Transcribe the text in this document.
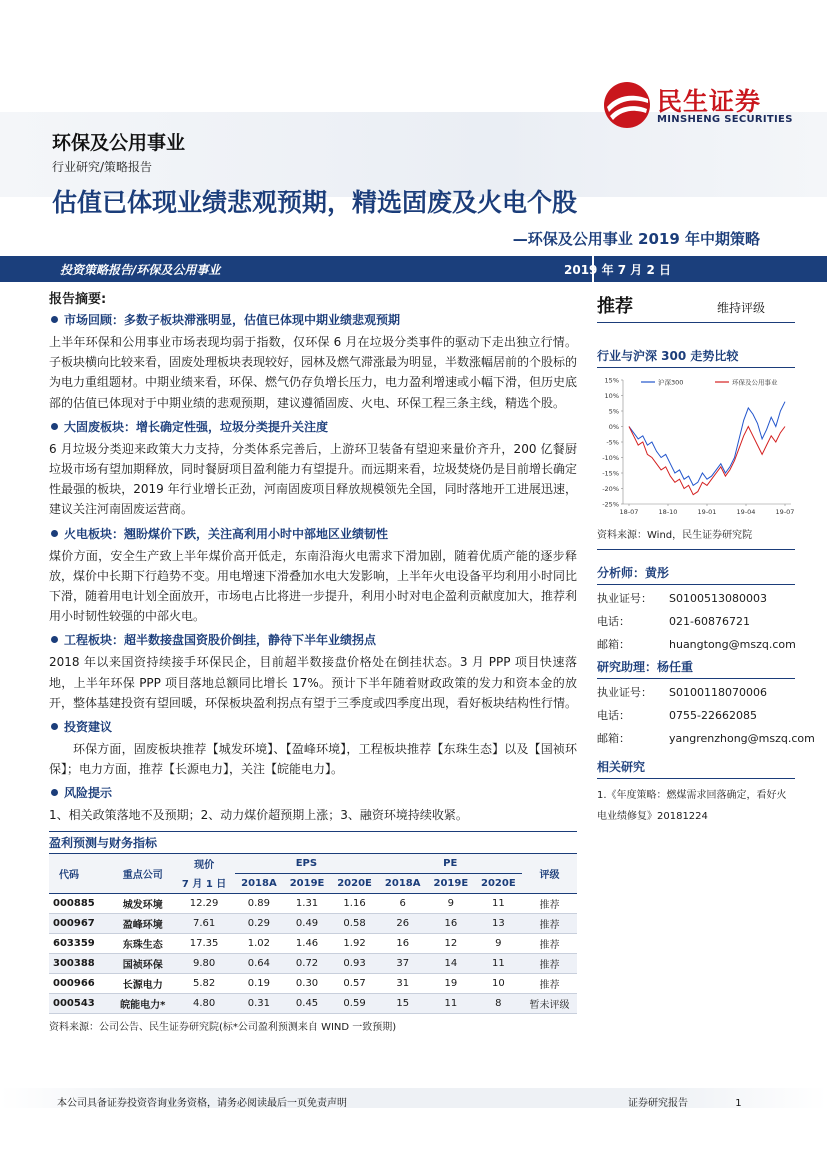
民生证券
MINSHENG SECURITIES
环保及公用事业
行业研究/策略报告
估值已体现业绩悲观预期，精选固废及火电个股
—环保及公用事业 2019 年中期策略
投资策略报告/环保及公用事业	2019 年 7 月 2 日
报告摘要:
市场回顾：多数子板块滞涨明显，估值已体现中期业绩悲观预期

上半年环保和公用事业市场表现均弱于指数，仅环保 6 月在垃圾分类事件的驱动下走出独立行情。子板块横向比较来看，固废处理板块表现较好，园林及燃气滞涨最为明显，半数涨幅居前的个股标的为电力重组题材。中期业绩来看，环保、燃气仍存负增长压力，电力盈利增速或小幅下滑，但历史底部的估值已体现对于中期业绩的悲观预期，建议遵循固废、火电、环保工程三条主线，精选个股。

大固废板块：增长确定性强，垃圾分类提升关注度

6 月垃圾分类迎来政策大力支持，分类体系完善后，上游环卫装备有望迎来量价齐升，200 亿餐厨垃圾市场有望加期释放，同时餐厨项目盈利能力有望提升。而远期来看，垃圾焚烧仍是目前增长确定性最强的板块，2019 年行业增长正劲，河南固废项目释放规模领先全国，同时落地开工进展迅速，建议关注河南固废运营商。

火电板块：翘盼煤价下跌，关注高利用小时中部地区业绩韧性

煤价方面，安全生产致上半年煤价高开低走，东南沿海火电需求下滑加剧，随着优质产能的逐步释放，煤价中长期下行趋势不变。用电增速下滑叠加水电大发影响，上半年火电设备平均利用小时同比下滑，随着用电计划全面放开，市场电占比将进一步提升，利用小时对电企盈利贡献度加大，推荐利用小时韧性较强的中部火电。

工程板块：超半数接盘国资股价倒挂，静待下半年业绩拐点

2018 年以来国资持续接手环保民企，目前超半数接盘价格处在倒挂状态。3 月 PPP 项目快速落地，上半年环保 PPP 项目落地总额同比增长 17%。预计下半年随着财政政策的发力和资本金的放开，整体基建投资有望回暖，环保板块盈利拐点有望于三季度或四季度出现，看好板块结构性行情。

投资建议

环保方面，固废板块推荐【城发环境】、【盈峰环境】，工程板块推荐【东珠生态】以及【国祯环保】；电力方面，推荐【长源电力】，关注【皖能电力】。

风险提示

1、相关政策落地不及预期；2、动力煤价超预期上涨；3、融资环境持续收紧。

盈利预测与财务指标
代码	重点公司	现价	EPS			PE			评级
		7 月 1 日	2018A	2019E	2020E	2018A	2019E	2020E	
000885	城发环境	12.29	0.89	1.31	1.16	6	9	11	推荐
000967	盈峰环境	7.61	0.29	0.49	0.58	26	16	13	推荐
603359	东珠生态	17.35	1.02	1.46	1.92	16	12	9	推荐
300388	国祯环保	9.80	0.64	0.72	0.93	37	14	11	推荐
000966	长源电力	5.82	0.19	0.30	0.57	31	19	10	推荐
000543	皖能电力*	4.80	0.31	0.45	0.59	15	11	8	暂未评级
资料来源：公司公告、民生证券研究院(标*公司盈利预测来自 WIND 一致预期)
推荐	维持评级
行业与沪深 300 走势比较
15%
10%
5%
0%
-5%
-10%
-15%
-20%
-25%
18-07	18-10	19-01	19-04	19-07
沪深300	环保及公用事业
资料来源：Wind，民生证券研究院
分析师：黄彤
执业证号：	S0100513080003
电话：	021-60876721
邮箱：	huangtong@mszq.com
研究助理：杨任重
执业证号：	S0100118070006
电话：	0755-22662085
邮箱：	yangrenzhong@mszq.com
相关研究
1.《年度策略：燃煤需求回落确定，看好火电业绩修复》20181224
本公司具备证券投资咨询业务资格，请务必阅读最后一页免责声明	证券研究报告	1
